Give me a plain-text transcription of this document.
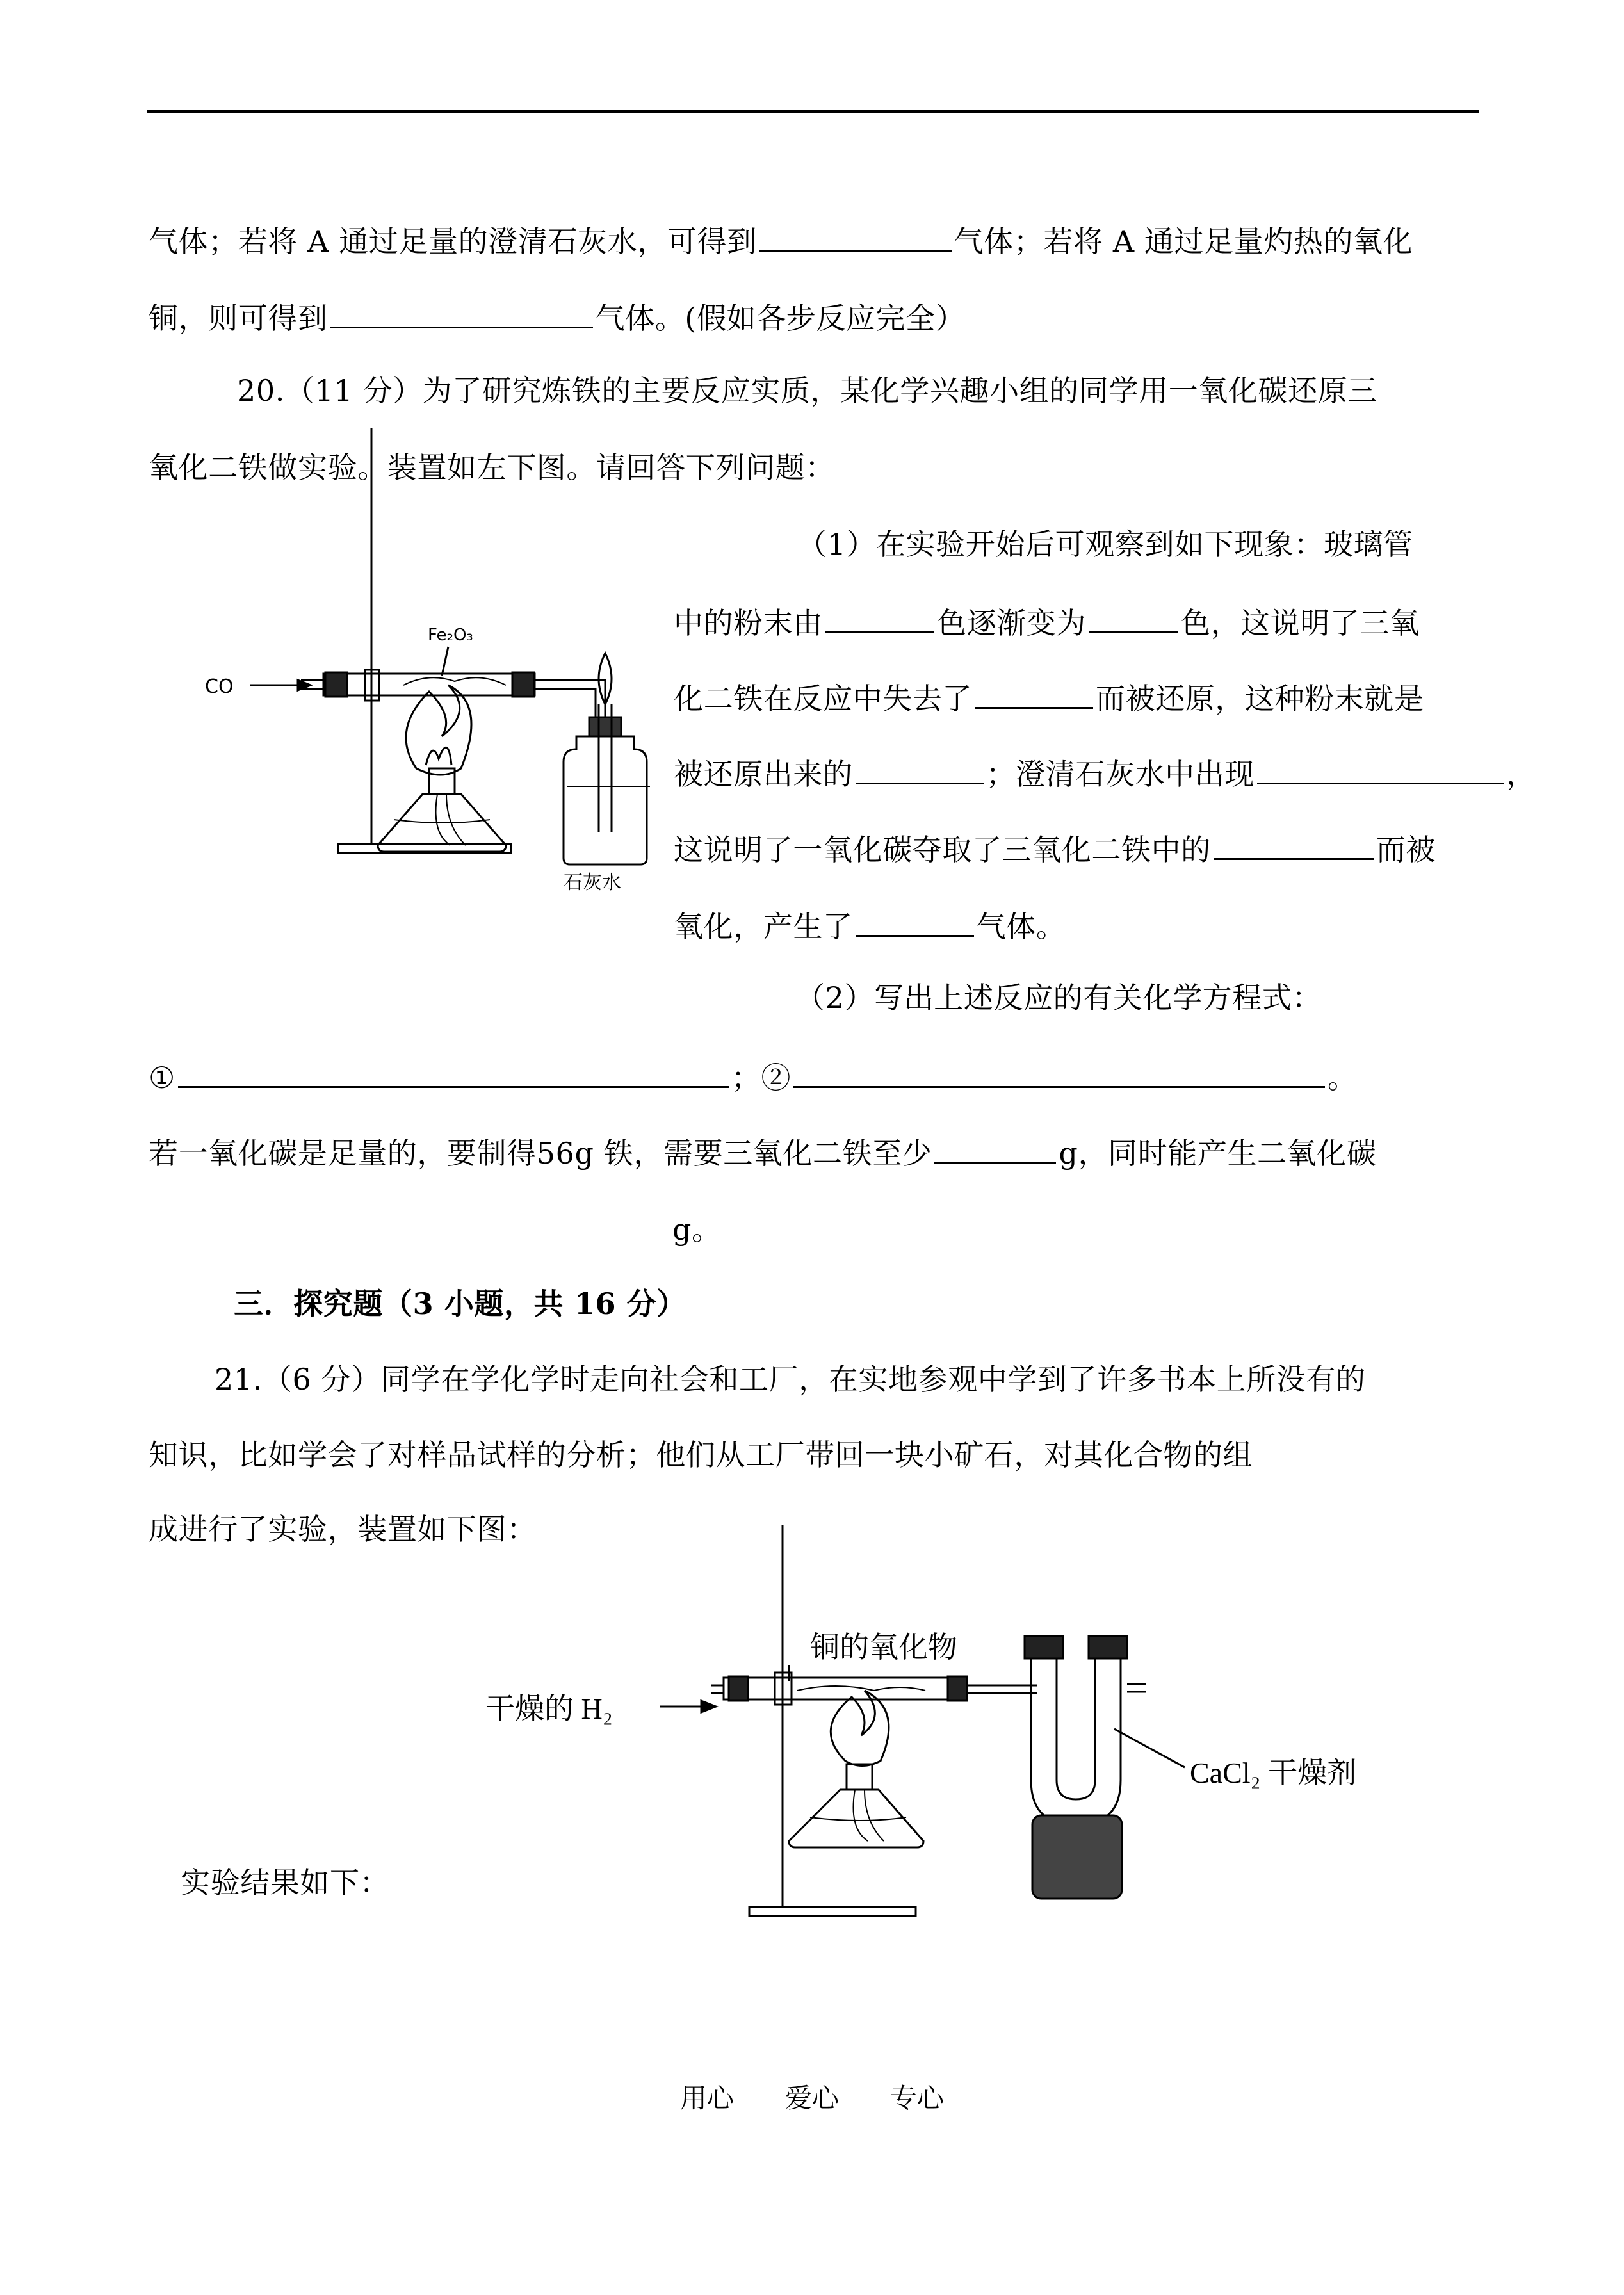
气体；若将 A 通过足量的澄清石灰水，可得到	气体；若将 A 通过足量灼热的氧化
铜，则可得到	气体。(假如各步反应完全）
20.（11 分）为了研究炼铁的主要反应实质，某化学兴趣小组的同学用一氧化碳还原三
氧化二铁做实验。装置如左下图。请回答下列问题：
（1）在实验开始后可观察到如下现象：玻璃管
中的粉末由	色逐渐变为	色，这说明了三氧
化二铁在反应中失去了	而被还原，这种粉末就是
被还原出来的	；澄清石灰水中出现	，
这说明了一氧化碳夺取了三氧化二铁中的	而被
氧化，产生了	气体。
（2）写出上述反应的有关化学方程式：
①	；②	。
若一氧化碳是足量的，要制得56g 铁，需要三氧化二铁至少	g，同时能产生二氧化碳
g。
三．探究题（3 小题，共 16 分）
21.（6 分）同学在学化学时走向社会和工厂，在实地参观中学到了许多书本上所没有的
知识，比如学会了对样品试样的分析；他们从工厂带回一块小矿石，对其化合物的组
成进行了实验，装置如下图：
实验结果如下：
CO
Fe₂O₃
石灰水
干燥的 H₂
铜的氧化物
CaCl₂ 干燥剂
用心 爱心 专心
